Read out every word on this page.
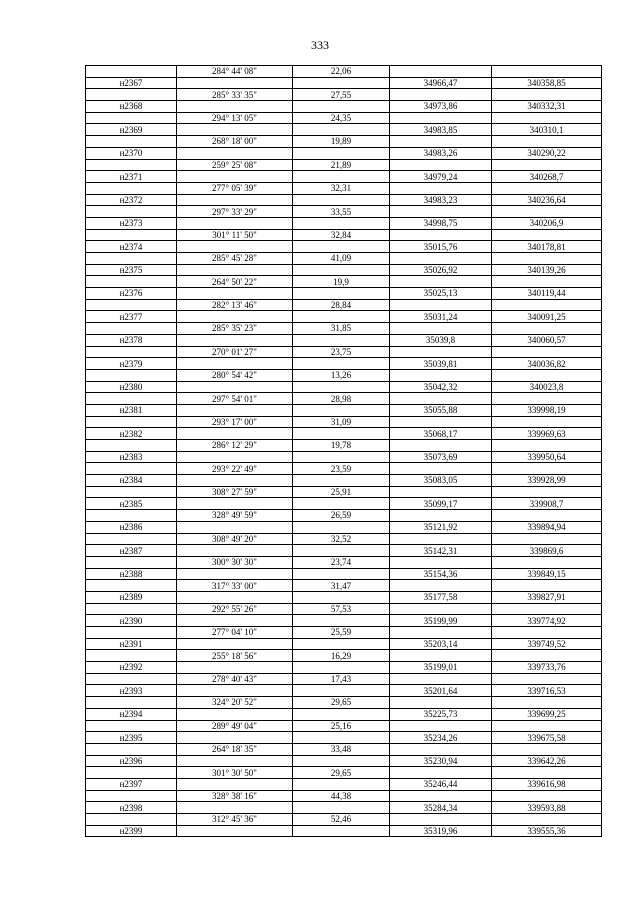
333
	284° 44' 08"	22,06		
н2367			34966,47	340358,85
	285° 33' 35"	27,55		
н2368			34973,86	340332,31
	294° 13' 05"	24,35		
н2369			34983,85	340310,1
	268° 18' 00"	19,89		
н2370			34983,26	340290,22
	259° 25' 08"	21,89		
н2371			34979,24	340268,7
	277° 05' 39"	32,31		
н2372			34983,23	340236,64
	297° 33' 29"	33,55		
н2373			34998,75	340206,9
	301° 11' 50"	32,84		
н2374			35015,76	340178,81
	285° 45' 28"	41,09		
н2375			35026,92	340139,26
	264° 50' 22"	19,9		
н2376			35025,13	340119,44
	282° 13' 46"	28,84		
н2377			35031,24	340091,25
	285° 35' 23"	31,85		
н2378			35039,8	340060,57
	270° 01' 27"	23,75		
н2379			35039,81	340036,82
	280° 54' 42"	13,26		
н2380			35042,32	340023,8
	297° 54' 01"	28,98		
н2381			35055,88	339998,19
	293° 17' 00"	31,09		
н2382			35068,17	339969,63
	286° 12' 29"	19,78		
н2383			35073,69	339950,64
	293° 22' 49"	23,59		
н2384			35083,05	339928,99
	308° 27' 59"	25,91		
н2385			35099,17	339908,7
	328° 49' 59"	26,59		
н2386			35121,92	339894,94
	308° 49' 20"	32,52		
н2387			35142,31	339869,6
	300° 30' 30"	23,74		
н2388			35154,36	339849,15
	317° 33' 00"	31,47		
н2389			35177,58	339827,91
	292° 55' 26"	57,53		
н2390			35199,99	339774,92
	277° 04' 10"	25,59		
н2391			35203,14	339749,52
	255° 18' 56"	16,29		
н2392			35199,01	339733,76
	278° 40' 43"	17,43		
н2393			35201,64	339716,53
	324° 20' 52"	29,65		
н2394			35225,73	339699,25
	289° 49' 04"	25,16		
н2395			35234,26	339675,58
	264° 18' 35"	33,48		
н2396			35230,94	339642,26
	301° 30' 50"	29,65		
н2397			35246,44	339616,98
	328° 38' 16"	44,38		
н2398			35284,34	339593,88
	312° 45' 36"	52,46		
н2399			35319,96	339555,36
